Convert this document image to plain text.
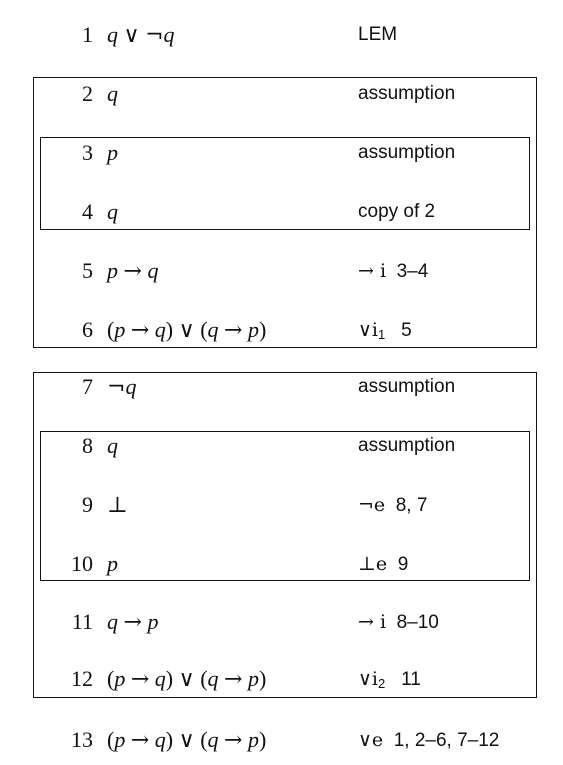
1 q ∨ ¬q	LEM
2 q	assumption
3 p	assumption
4 q	copy of 2
5 p → q	→ i 3–4
6 (p → q) ∨ (q → p)	$\vee i_1$ 5
7 ¬q	assumption
8 q	assumption
9 ⊥	¬e 8, 7
10 p	⊥e 9
11 q → p	→ i 8–10
12 (p → q) ∨ (q → p)	$\vee i_2$ 11
13 (p → q) ∨ (q → p)	∨e 1, 2–6, 7–12
